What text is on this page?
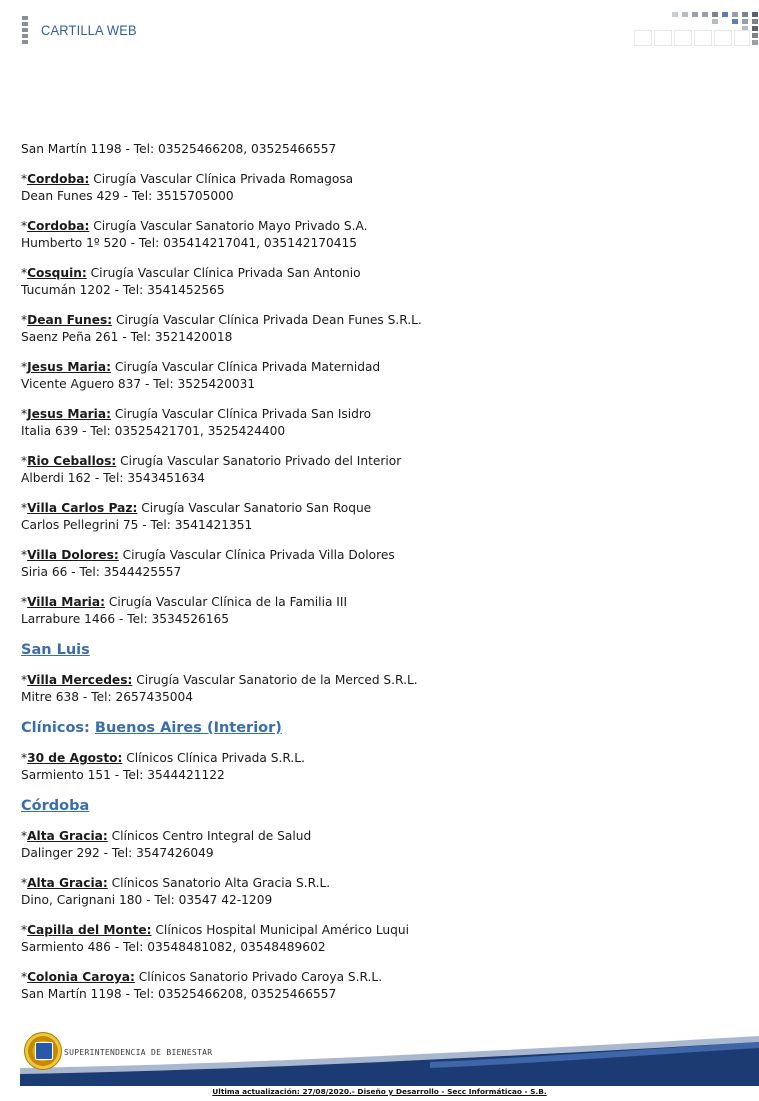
CARTILLA WEB
San Martín 1198 - Tel: 03525466208, 03525466557
*Cordoba: Cirugía Vascular Clínica Privada Romagosa
Dean Funes 429 - Tel: 3515705000
*Cordoba: Cirugía Vascular Sanatorio Mayo Privado S.A.
Humberto 1º 520 - Tel: 035414217041, 035142170415
*Cosquin: Cirugía Vascular Clínica Privada San Antonio
Tucumán 1202 - Tel: 3541452565
*Dean Funes: Cirugía Vascular Clínica Privada Dean Funes S.R.L.
Saenz Peña 261 - Tel: 3521420018
*Jesus Maria: Cirugía Vascular Clínica Privada Maternidad
Vicente Aguero 837 - Tel: 3525420031
*Jesus Maria: Cirugía Vascular Clínica Privada San Isidro
Italia 639 - Tel: 03525421701, 3525424400
*Rio Ceballos: Cirugía Vascular Sanatorio Privado del Interior
Alberdi 162 - Tel: 3543451634
*Villa Carlos Paz: Cirugía Vascular Sanatorio San Roque
Carlos Pellegrini 75 - Tel: 3541421351
*Villa Dolores: Cirugía Vascular Clínica Privada Villa Dolores
Siria 66 - Tel: 3544425557
*Villa Maria: Cirugía Vascular Clínica de la Familia III
Larrabure 1466 - Tel: 3534526165
San Luis
*Villa Mercedes: Cirugía Vascular Sanatorio de la Merced S.R.L.
Mitre 638 - Tel: 2657435004
Clínicos: Buenos Aires (Interior)
*30 de Agosto: Clínicos Clínica Privada S.R.L.
Sarmiento 151 - Tel: 3544421122
Córdoba
*Alta Gracia: Clínicos Centro Integral de Salud
Dalinger 292 - Tel: 3547426049
*Alta Gracia: Clínicos Sanatorio Alta Gracia S.R.L.
Dino, Carignani 180 - Tel: 03547 42-1209
*Capilla del Monte: Clínicos Hospital Municipal Américo Luqui
Sarmiento 486 - Tel: 03548481082, 03548489602
*Colonia Caroya: Clínicos Sanatorio Privado Caroya S.R.L.
San Martín 1198 - Tel: 03525466208, 03525466557
SUPERINTENDENCIA DE BIENESTAR
Ultima actualización: 27/08/2020.- Diseño y Desarrollo - Secc Informáticao - S.B.
